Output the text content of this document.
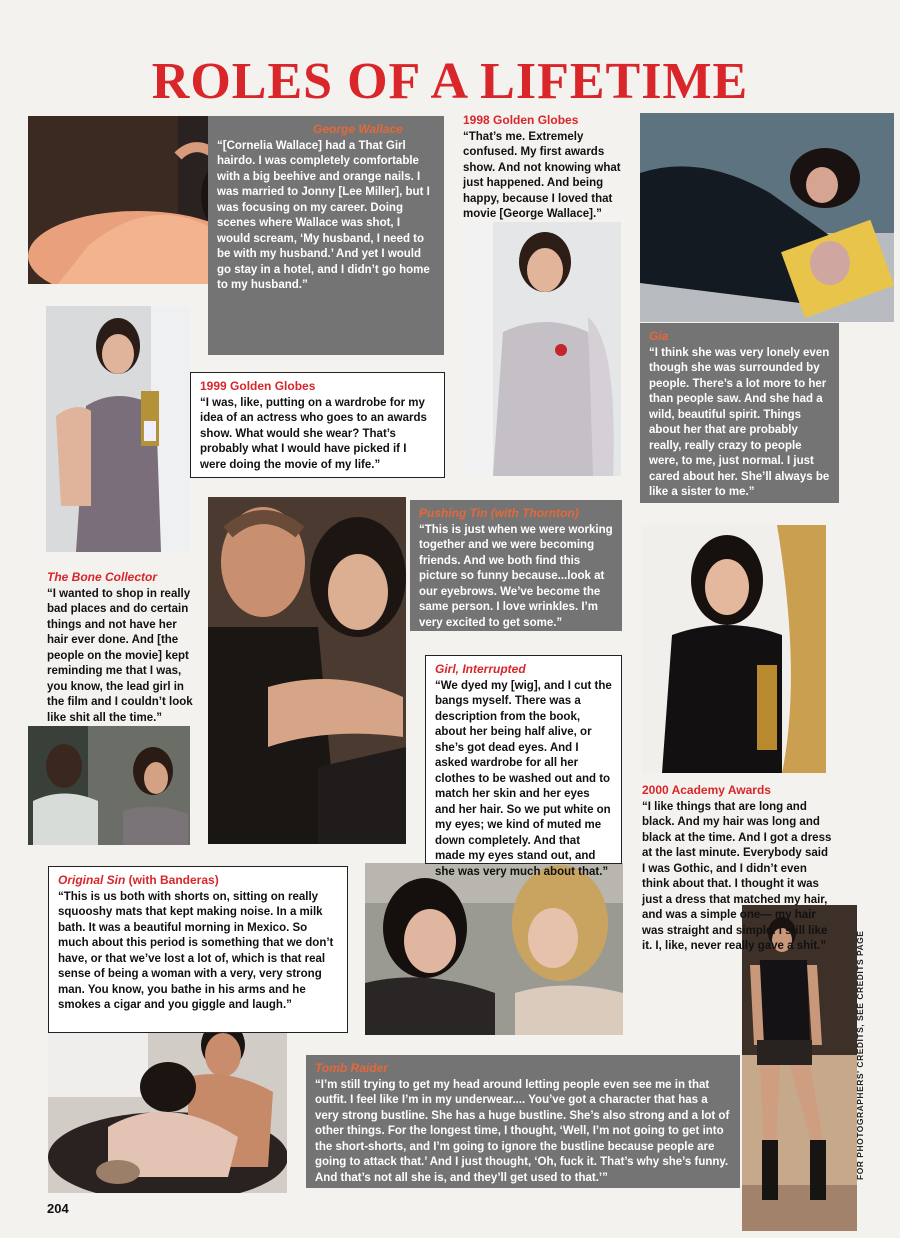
ROLES OF A LIFETIME
George Wallace
“[Cornelia Wallace] had a That Girl hairdo. I was completely comfortable with a big beehive and orange nails. I was married to Jonny [Lee Miller], but I was focusing on my career. Doing scenes where Wallace was shot, I would scream, ‘My husband, I need to be with my husband.’ And yet I would go stay in a hotel, and I didn’t go home to my husband.”
1998 Golden Globes
“That’s me. Extremely confused. My first awards show. And not knowing what just happened. And being happy, because I loved that movie [George Wallace].”
1999 Golden Globes
“I was, like, putting on a wardrobe for my idea of an actress who goes to an awards show. What would she wear? That’s probably what I would have picked if I were doing the movie of my life.”
Gia
“I think she was very lonely even though she was surrounded by people. There’s a lot more to her than people saw. And she had a wild, beautiful spirit. Things about her that are probably really, really crazy to people were, to me, just normal. I just cared about her. She’ll always be like a sister to me.”
Pushing Tin (with Thornton)
“This is just when we were working together and we were becoming friends. And we both find this picture so funny because...look at our eyebrows. We’ve become the same person. I love wrinkles. I’m very excited to get some.”
The Bone Collector
“I wanted to shop in really bad places and do certain things and not have her hair ever done. And [the people on the movie] kept reminding me that I was, you know, the lead girl in the film and I couldn’t look like shit all the time.”
Girl, Interrupted
“We dyed my [wig], and I cut the bangs myself. There was a description from the book, about her being half alive, or she’s got dead eyes. And I asked wardrobe for all her clothes to be washed out and to match her skin and her eyes and her hair. So we put white on my eyes; we kind of muted me down completely. And that made my eyes stand out, and she was very much about that.”
2000 Academy Awards
“I like things that are long and black. And my hair was long and black at the time. And I got a dress at the last minute. Everybody said I was Gothic, and I didn’t even think about that. I thought it was just a dress that matched my hair, and was a simple one— my hair was straight and simple. I still like it. I, like, never really gave a shit.”
Original Sin (with Banderas)
“This is us both with shorts on, sitting on really squooshy mats that kept making noise. In a milk bath. It was a beautiful morning in Mexico. So much about this period is something that we don’t have, or that we’ve lost a lot of, which is that real sense of being a woman with a very, very strong man. You know, you bathe in his arms and he smokes a cigar and you giggle and laugh.”
Tomb Raider
“I’m still trying to get my head around letting people even see me in that outfit. I feel like I’m in my underwear.... You’ve got a character that has a very strong bustline. She has a huge bustline. She’s also strong and a lot of other things. For the longest time, I thought, ‘Well, I’m not going to get into the short-shorts, and I’m going to ignore the bustline because people are going to attack that.’ And I just thought, ‘Oh, fuck it. That’s why she’s funny. And that’s not all she is, and they’ll get used to that.’”
204
FOR PHOTOGRAPHERS' CREDITS, SEE CREDITS PAGE
